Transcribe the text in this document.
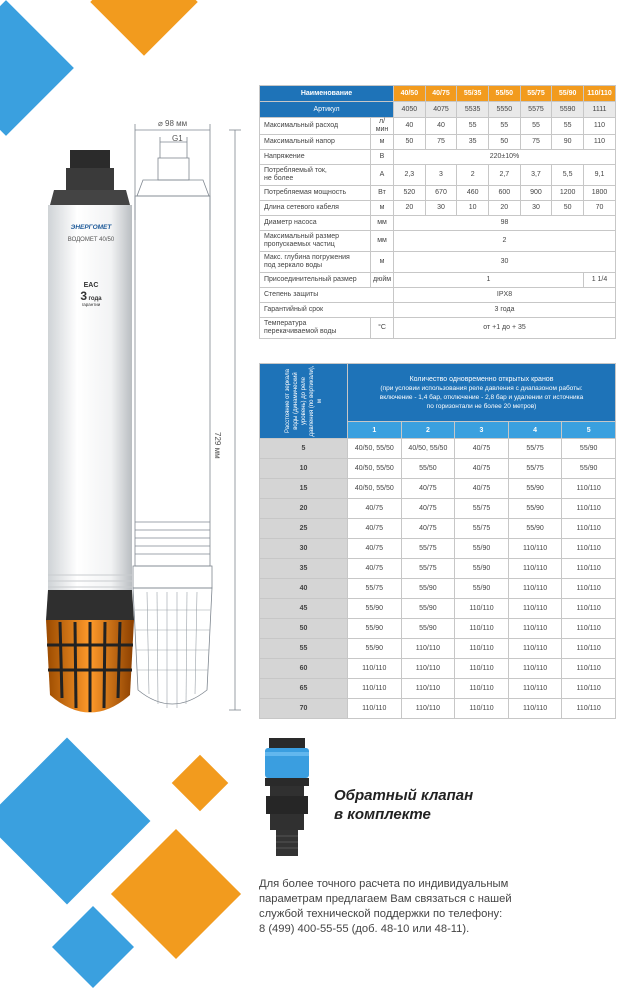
ЭНЕРГОМЕТ
ВОДОМЕТ 40/50
EAC
3 года
гарантии
⌀ 98 мм
G1
729 мм
Наименование		40/50	40/75	55/35	55/50	55/75	55/90	110/110
Артикул		4050	4075	5535	5550	5575	5590	1111
Максимальный расход	л/мин	40	40	55	55	55	55	110
Максимальный напор	м	50	75	35	50	75	90	110
Напряжение	В	220±10%						
Потребляемый ток,
не более	А	2,3	3	2	2,7	3,7	5,5	9,1
Потребляемая мощность	Вт	520	670	460	600	900	1200	1800
Длина сетевого кабеля	м	20	30	10	20	30	50	70
Диаметр насоса	мм	98						
Максимальный размер
пропускаемых частиц	мм	2						
Макс. глубина погружения
под зеркало воды	м	30						
Присоединительный размер	дюйм	1						1 1/4
Степень защиты		IPX8						
Гарантийный срок		3 года						
Температура
перекачиваемой воды	°С	от +1 до + 35						
Расстояние от зеркала воды (динамический уровень) до реле давления (по вертикали), м	Количество одновременно открытых кранов
(при условии использования реле давления с диапазоном работы:
включение - 1,4 бар, отключение - 2,8 бар и удалении от источника
по горизонтали не более 20 метров)				

	1	2	3	4	5
5	40/50, 55/50	40/50, 55/50	40/75	55/75	55/90
10	40/50, 55/50	55/50	40/75	55/75	55/90
15	40/50, 55/50	40/75	40/75	55/90	110/110
20	40/75	40/75	55/75	55/90	110/110
25	40/75	40/75	55/75	55/90	110/110
30	40/75	55/75	55/90	110/110	110/110
35	40/75	55/75	55/90	110/110	110/110
40	55/75	55/90	55/90	110/110	110/110
45	55/90	55/90	110/110	110/110	110/110
50	55/90	55/90	110/110	110/110	110/110
55	55/90	110/110	110/110	110/110	110/110
60	110/110	110/110	110/110	110/110	110/110
65	110/110	110/110	110/110	110/110	110/110
70	110/110	110/110	110/110	110/110	110/110
Обратный клапан
в комплекте
Для более точного расчета по индивидуальным
параметрам предлагаем Вам связаться с нашей
службой технической поддержки по телефону:
8 (499) 400-55-55 (доб. 48-10 или 48-11).
